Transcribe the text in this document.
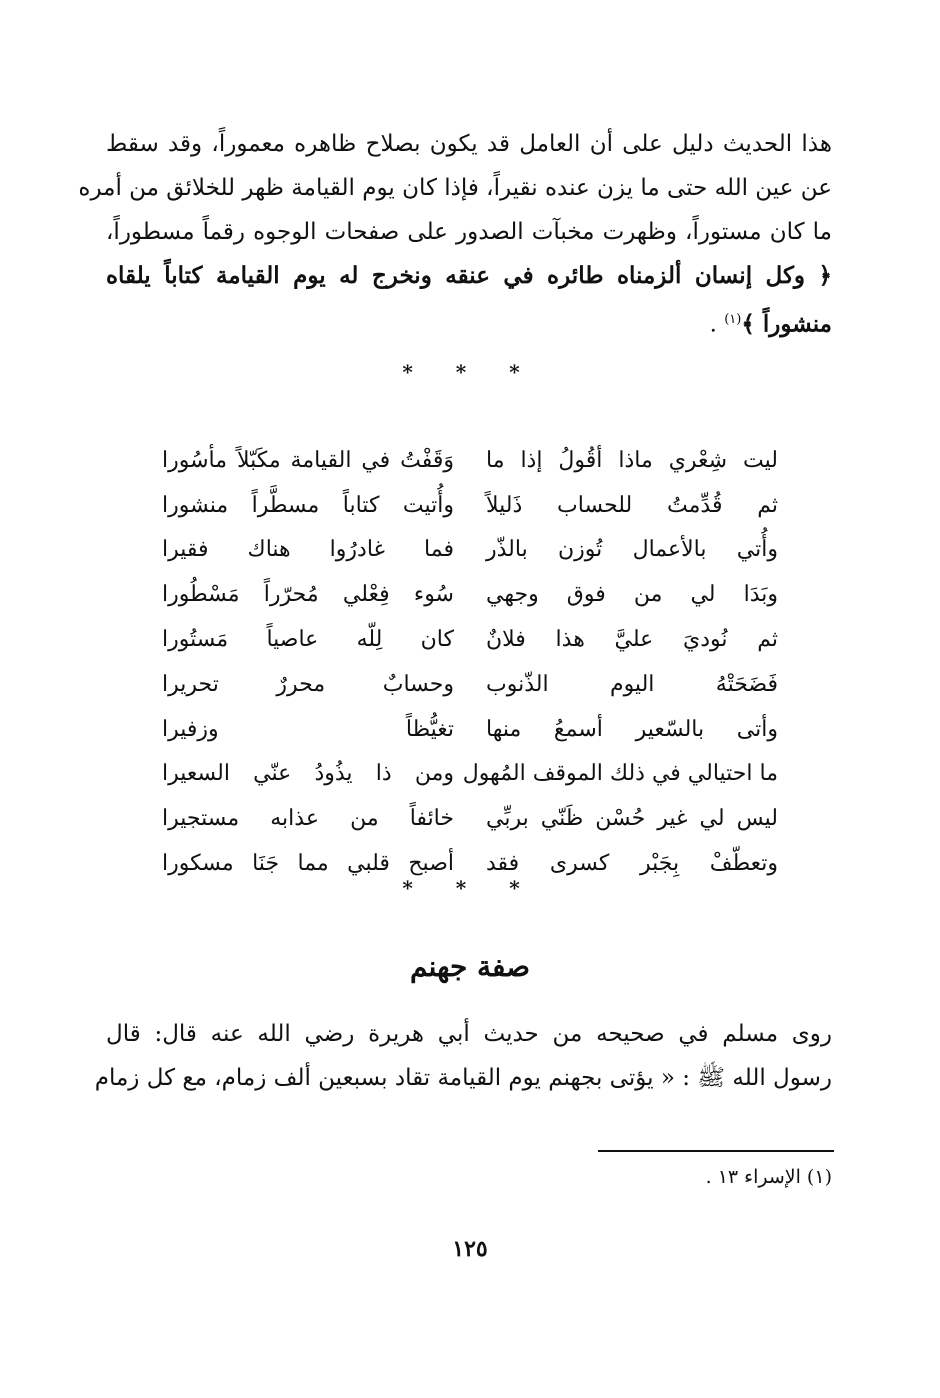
هذا الحديث دليل على أن العامل قد يكون بصلاح ظاهره معموراً، وقد سقط
عن عين الله حتى ما يزن عنده نقيراً، فإذا كان يوم القيامة ظهر للخلائق من أمره
ما كان مستوراً، وظهرت مخبآت الصدور على صفحات الوجوه رقماً مسطوراً،
﴿ وكل إنسان ألزمناه طائره في عنقه ونخرج له يوم القيامة كتاباً يلقاه
منشوراً ﴾$^{(١)}$ .
* * *
ليت شِعْري ماذا أقُولُ إذا ما
وَقَفْتُ في القيامة مكَبّلاً مأسُورا
ثم قُدِّمتُ للحساب ذَليلاً
وأُتيت كتاباً مسطَّراً منشورا
وأُتي بالأعمال تُوزن بالذّر
فما غادرُوا هناك فقيرا
وبَدَا لي من فوق وجهي
سُوء فِعْلي مُحرّراً مَسْطُورا
ثم نُوديَ عليَّ هذا فلانٌ
كان لِلّه عاصياً مَستُورا
فَضَحَتْهُ اليوم الذّنوب
وحسابٌ محررٌ تحريرا
وأتى بالسّعير أسمعُ منها
تغيُّظاً وزفيرا
ما احتيالي في ذلك الموقف المُهول
ومن ذا يذُودُ عنّي السعيرا
ليس لي غير حُسْن ظَنّي بربِّي
خائفاً من عذابه مستجيرا
وتعطّفْ بِجَبْر كسرى فقد
أصبح قلبي مما جَنَا مسكورا
* * *
صفة جهنم
روى مسلم في صحيحه من حديث أبي هريرة رضي الله عنه قال: قال
رسول الله ﷺ : « يؤتى بجهنم يوم القيامة تقاد بسبعين ألف زمام، مع كل زمام
(١) الإسراء ١٣ .
١٢٥
